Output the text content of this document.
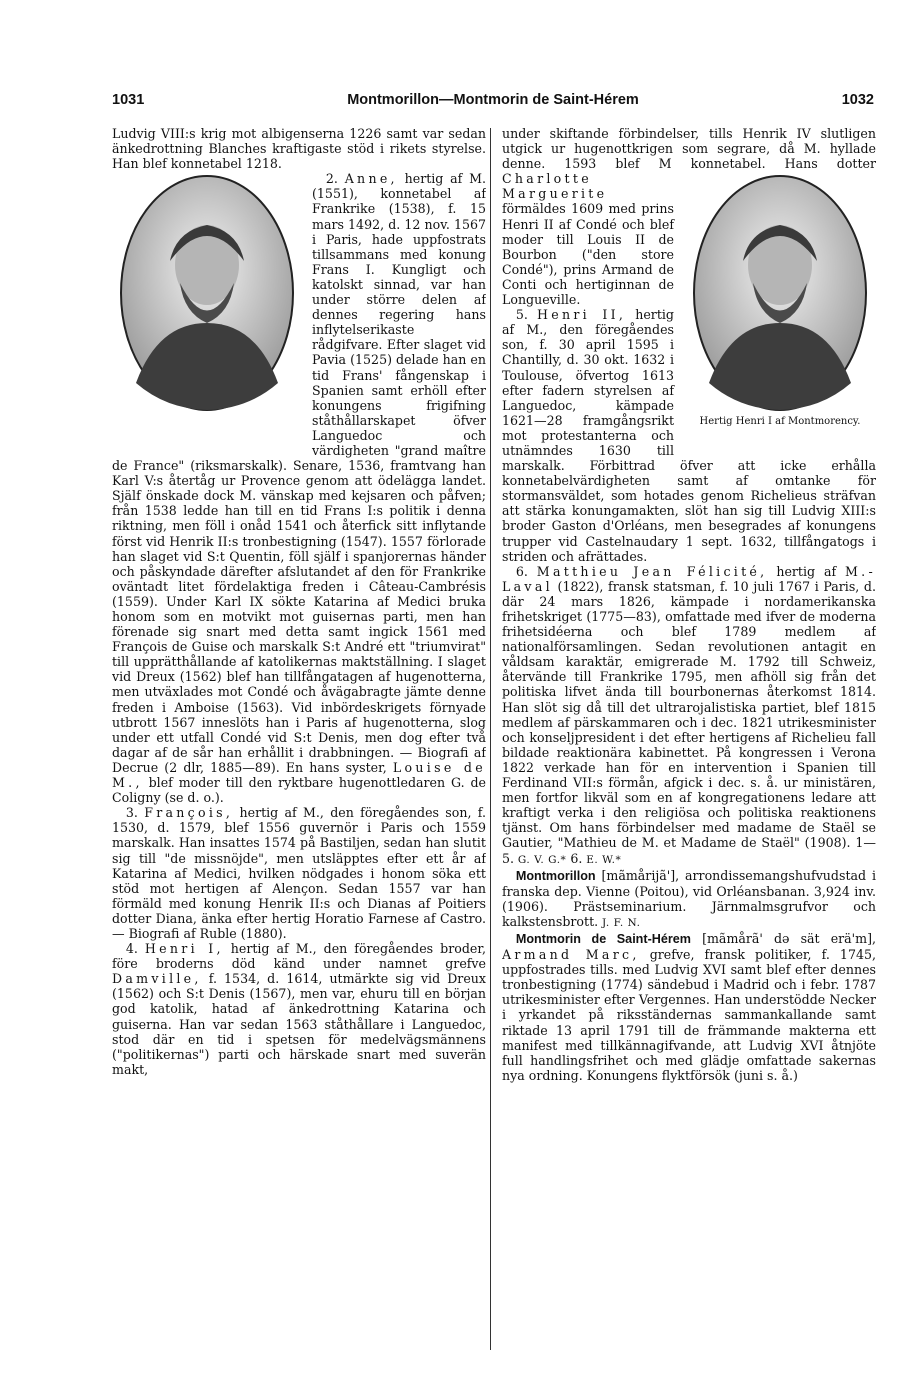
1031	Montmorillon—Montmorin de Saint-Hérem	1032

Ludvig VIII:s krig mot albigenserna 1226 samt var sedan änkedrottning Blanches kraftigaste stöd i rikets styrelse. Han blef konnetabel 1218.

2. Anne, hertig af M. (1551), konnetabel af Frankrike (1538), f. 15 mars 1492, d. 12 nov. 1567 i Paris, hade uppfostrats tillsammans med konung Frans I. Kungligt och katolskt sinnad, var han under större delen af dennes regering hans inflytelserikaste rådgifvare. Efter slaget vid Pavia (1525) delade han en tid Frans' fångenskap i Spanien samt erhöll efter konungens frigifning ståthållarskapet öfver Languedoc och värdigheten "grand maître de France" (riksmarskalk). Senare, 1536, framtvang han Karl V:s återtåg ur Provence genom att ödelägga landet. Själf önskade dock M. vänskap med kejsaren och påfven; från 1538 ledde han till en tid Frans I:s politik i denna riktning, men föll i onåd 1541 och återfick sitt inflytande först vid Henrik II:s tronbestigning (1547). 1557 förlorade han slaget vid S:t Quentin, föll själf i spanjorernas händer och påskyndade därefter afslutandet af den för Frankrike oväntadt litet fördelaktiga freden i Câteau-Cambrésis (1559). Under Karl IX sökte Katarina af Medici bruka honom som en motvikt mot guisernas parti, men han förenade sig snart med detta samt ingick 1561 med François de Guise och marskalk S:t André ett "triumvirat" till upprätthållande af katolikernas maktställning. I slaget vid Dreux (1562) blef han tillfångatagen af hugenotterna, men utväxlades mot Condé och åvägabragte jämte denne freden i Amboise (1563). Vid inbördeskrigets förnyade utbrott 1567 inneslöts han i Paris af hugenotterna, slog under ett utfall Condé vid S:t Denis, men dog efter två dagar af de sår han erhållit i drabbningen. — Biografi af Decrue (2 dlr, 1885—89). En hans syster, Louise de M., blef moder till den ryktbare hugenottledaren G. de Coligny (se d. o.).

3. François, hertig af M., den föregåendes son, f. 1530, d. 1579, blef 1556 guvernör i Paris och 1559 marskalk. Han insattes 1574 på Bastiljen, sedan han slutit sig till "de missnöjde", men utsläpptes efter ett år af Katarina af Medici, hvilken nödgades i honom söka ett stöd mot hertigen af Alençon. Sedan 1557 var han förmäld med konung Henrik II:s och Dianas af Poitiers dotter Diana, änka efter hertig Horatio Farnese af Castro. — Biografi af Ruble (1880).

4. Henri I, hertig af M., den föregåendes broder, före broderns död känd under namnet grefve Damville, f. 1534, d. 1614, utmärkte sig vid Dreux (1562) och S:t Denis (1567), men var, ehuru till en början god katolik, hatad af änkedrottning Katarina och guiserna. Han var sedan 1563 ståthållare i Languedoc, stod där en tid i spetsen för medelvägsmännens ("politikernas") parti och härskade snart med suverän makt,

under skiftande förbindelser, tills Henrik IV slutligen utgick ur hugenottkrigen som segrare, då M. hyllade denne. 1593 blef M konnetabel. Hans dotter
Hertig Henri I af Montmorency.
Charlotte Marguerite förmäldes 1609 med prins Henri II af Condé och blef moder till Louis II de Bourbon ("den store Condé"), prins Armand de Conti och hertiginnan de Longueville.

5. Henri II, hertig af M., den föregåendes son, f. 30 april 1595 i Chantilly, d. 30 okt. 1632 i Toulouse, öfvertog 1613 efter fadern styrelsen af Languedoc, kämpade 1621—28 framgångsrikt mot protestanterna och utnämndes 1630 till marskalk. Förbittrad öfver att icke erhålla konnetabelvärdigheten samt af omtanke för stormansväldet, som hotades genom Richelieus sträfvan att stärka konungamakten, slöt han sig till Ludvig XIII:s broder Gaston d'Orléans, men besegrades af konungens trupper vid Castelnaudary 1 sept. 1632, tillfångatogs i striden och afrättades.

6. Matthieu Jean Félicité, hertig af M.-Laval (1822), fransk statsman, f. 10 juli 1767 i Paris, d. där 24 mars 1826, kämpade i nordamerikanska frihetskriget (1775—83), omfattade med ifver de moderna frihetsidéerna och blef 1789 medlem af nationalförsamlingen. Sedan revolutionen antagit en våldsam karaktär, emigrerade M. 1792 till Schweiz, återvände till Frankrike 1795, men afhöll sig från det politiska lifvet ända till bourbonernas återkomst 1814. Han slöt sig då till det ultrarojalistiska partiet, blef 1815 medlem af pärskammaren och i dec. 1821 utrikesminister och konseljpresident i det efter hertigens af Richelieu fall bildade reaktionära kabinettet. På kongressen i Verona 1822 verkade han för en intervention i Spanien till Ferdinand VII:s förmån, afgick i dec. s. å. ur ministären, men fortfor likväl som en af kongregationens ledare att kraftigt verka i den religiösa och politiska reaktionens tjänst. Om hans förbindelser med madame de Staël se Gautier, "Mathieu de M. et Madame de Staël" (1908). 1—5. G. V. G.* 6. E. W.*

Montmorillon [mãmårijã'], arrondissemangshufvudstad i franska dep. Vienne (Poitou), vid Orléansbanan. 3,924 inv. (1906). Prästseminarium. Järnmalmsgrufvor och kalkstensbrott. J. F. N.

Montmorin de Saint-Hérem [mãmårã' də sät erä'm], Armand Marc, grefve, fransk politiker, f. 1745, uppfostrades tills. med Ludvig XVI samt blef efter dennes tronbestigning (1774) sändebud i Madrid och i febr. 1787 utrikesminister efter Vergennes. Han understödde Necker i yrkandet på riksständernas sammankallande samt riktade 13 april 1791 till de främmande makterna ett manifest med tillkännagifvande, att Ludvig XVI åtnjöte full handlingsfrihet och med glädje omfattade sakernas nya ordning. Konungens flyktförsök (juni s. å.)
